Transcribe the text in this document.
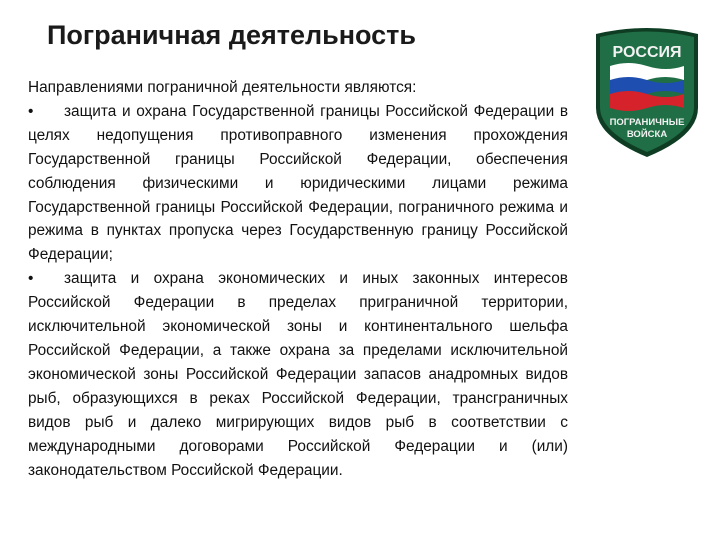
Пограничная деятельность
РОССИЯ
ПОГРАНИЧНЫЕ
ВОЙСКА

Направлениями пограничной деятельности являются:

• защита и охрана Государственной границы Российской Федерации в целях недопущения противоправного изменения прохождения Государственной границы Российской Федерации, обеспечения соблюдения физическими и юридическими лицами режима Государственной границы Российской Федерации, пограничного режима и режима в пунктах пропуска через Государственную границу Российской Федерации;

• защита и охрана экономических и иных законных интересов Российской Федерации в пределах приграничной территории, исключительной экономической зоны и континентального шельфа Российской Федерации, а также охрана за пределами исключительной экономической зоны Российской Федерации запасов анадромных видов рыб, образующихся в реках Российской Федерации, трансграничных видов рыб и далеко мигрирующих видов рыб в соответствии с международными договорами Российской Федерации и (или) законодательством Российской Федерации.
